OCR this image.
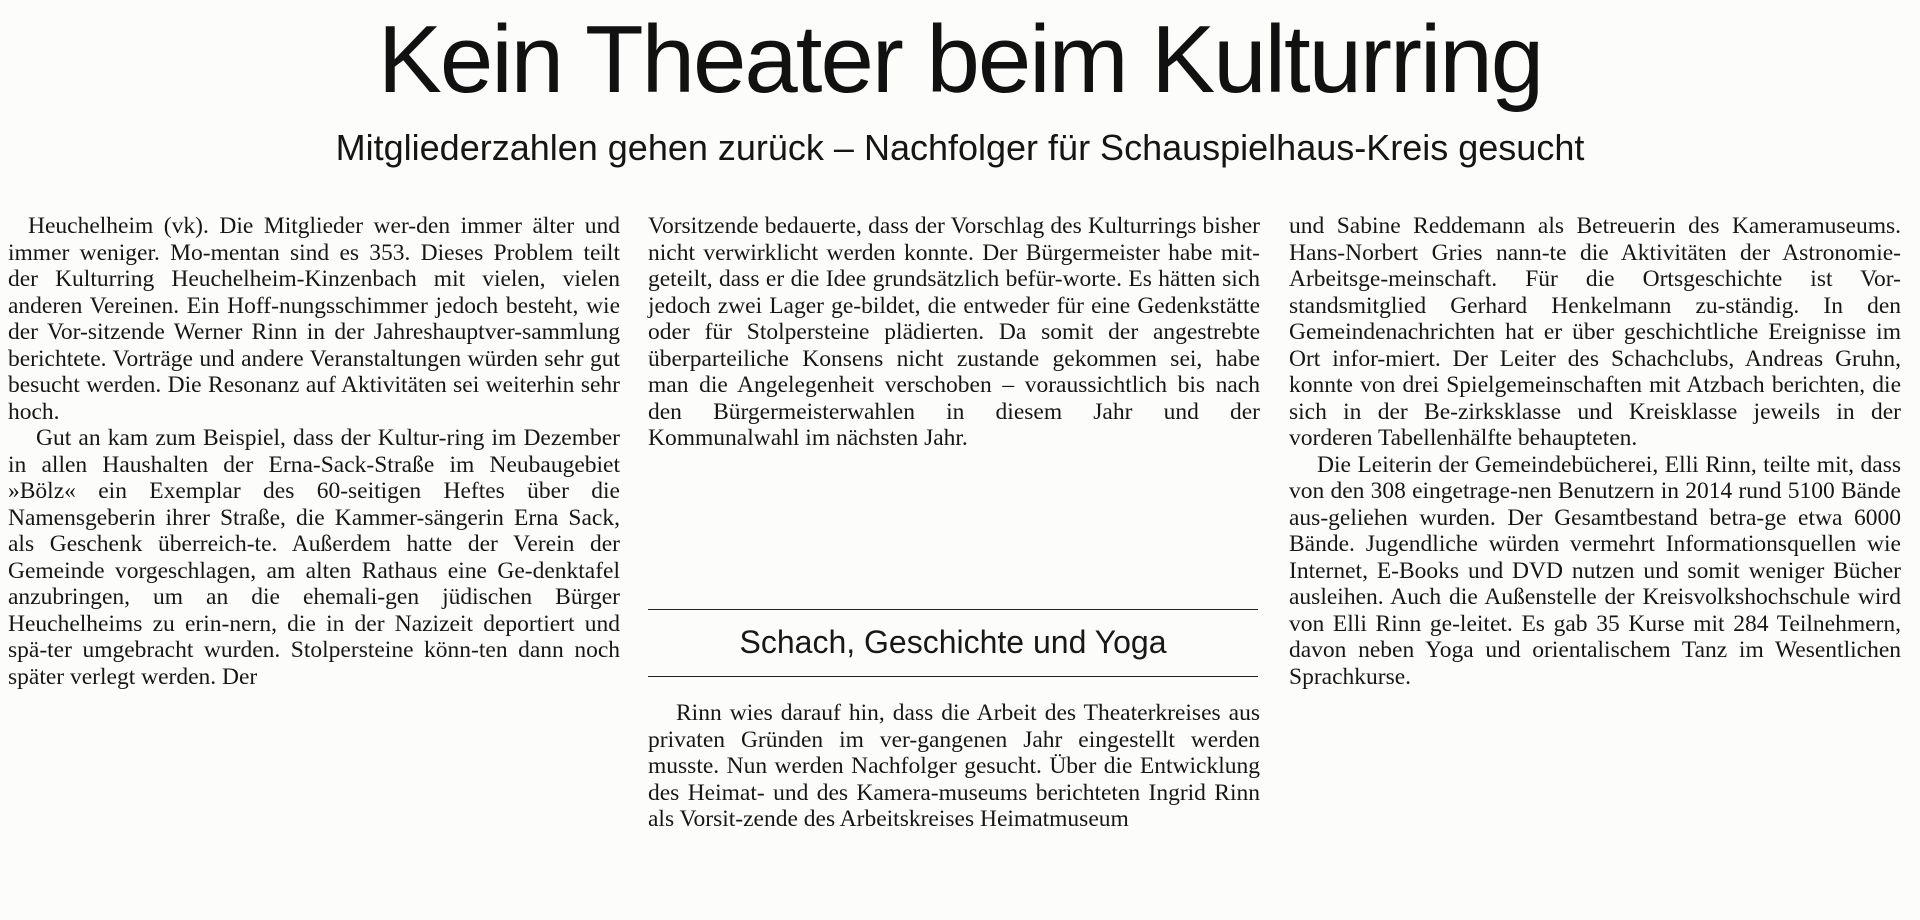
Kein Theater beim Kulturring
Mitgliederzahlen gehen zurück – Nachfolger für Schauspielhaus-Kreis gesucht

Heuchelheim (vk). Die Mitglieder wer-den immer älter und immer weniger. Mo-mentan sind es 353. Dieses Problem teilt der Kulturring Heuchelheim-Kinzenbach mit vielen, vielen anderen Vereinen. Ein Hoff-nungsschimmer jedoch besteht, wie der Vor-sitzende Werner Rinn in der Jahreshauptver-sammlung berichtete. Vorträge und andere Veranstaltungen würden sehr gut besucht werden. Die Resonanz auf Aktivitäten sei weiterhin sehr hoch.

Gut an kam zum Beispiel, dass der Kultur-ring im Dezember in allen Haushalten der Erna-Sack-Straße im Neubaugebiet »Bölz« ein Exemplar des 60-seitigen Heftes über die Namensgeberin ihrer Straße, die Kammer-sängerin Erna Sack, als Geschenk überreich-te. Außerdem hatte der Verein der Gemeinde vorgeschlagen, am alten Rathaus eine Ge-denktafel anzubringen, um an die ehemali-gen jüdischen Bürger Heuchelheims zu erin-nern, die in der Nazizeit deportiert und spä-ter umgebracht wurden. Stolpersteine könn-ten dann noch später verlegt werden. Der

Vorsitzende bedauerte, dass der Vorschlag des Kulturrings bisher nicht verwirklicht werden konnte. Der Bürgermeister habe mit-geteilt, dass er die Idee grundsätzlich befür-worte. Es hätten sich jedoch zwei Lager ge-bildet, die entweder für eine Gedenkstätte oder für Stolpersteine plädierten. Da somit der angestrebte überparteiliche Konsens nicht zustande gekommen sei, habe man die Angelegenheit verschoben – voraussichtlich bis nach den Bürgermeisterwahlen in diesem Jahr und der Kommunalwahl im nächsten Jahr.

Schach, Geschichte und Yoga

Rinn wies darauf hin, dass die Arbeit des Theaterkreises aus privaten Gründen im ver-gangenen Jahr eingestellt werden musste. Nun werden Nachfolger gesucht. Über die Entwicklung des Heimat- und des Kamera-museums berichteten Ingrid Rinn als Vorsit-zende des Arbeitskreises Heimatmuseum

und Sabine Reddemann als Betreuerin des Kameramuseums. Hans-Norbert Gries nann-te die Aktivitäten der Astronomie-Arbeitsge-meinschaft. Für die Ortsgeschichte ist Vor-standsmitglied Gerhard Henkelmann zu-ständig. In den Gemeindenachrichten hat er über geschichtliche Ereignisse im Ort infor-miert. Der Leiter des Schachclubs, Andreas Gruhn, konnte von drei Spielgemeinschaften mit Atzbach berichten, die sich in der Be-zirksklasse und Kreisklasse jeweils in der vorderen Tabellenhälfte behaupteten.

Die Leiterin der Gemeindebücherei, Elli Rinn, teilte mit, dass von den 308 eingetrage-nen Benutzern in 2014 rund 5100 Bände aus-geliehen wurden. Der Gesamtbestand betra-ge etwa 6000 Bände. Jugendliche würden vermehrt Informationsquellen wie Internet, E-Books und DVD nutzen und somit weniger Bücher ausleihen. Auch die Außenstelle der Kreisvolkshochschule wird von Elli Rinn ge-leitet. Es gab 35 Kurse mit 284 Teilnehmern, davon neben Yoga und orientalischem Tanz im Wesentlichen Sprachkurse.
